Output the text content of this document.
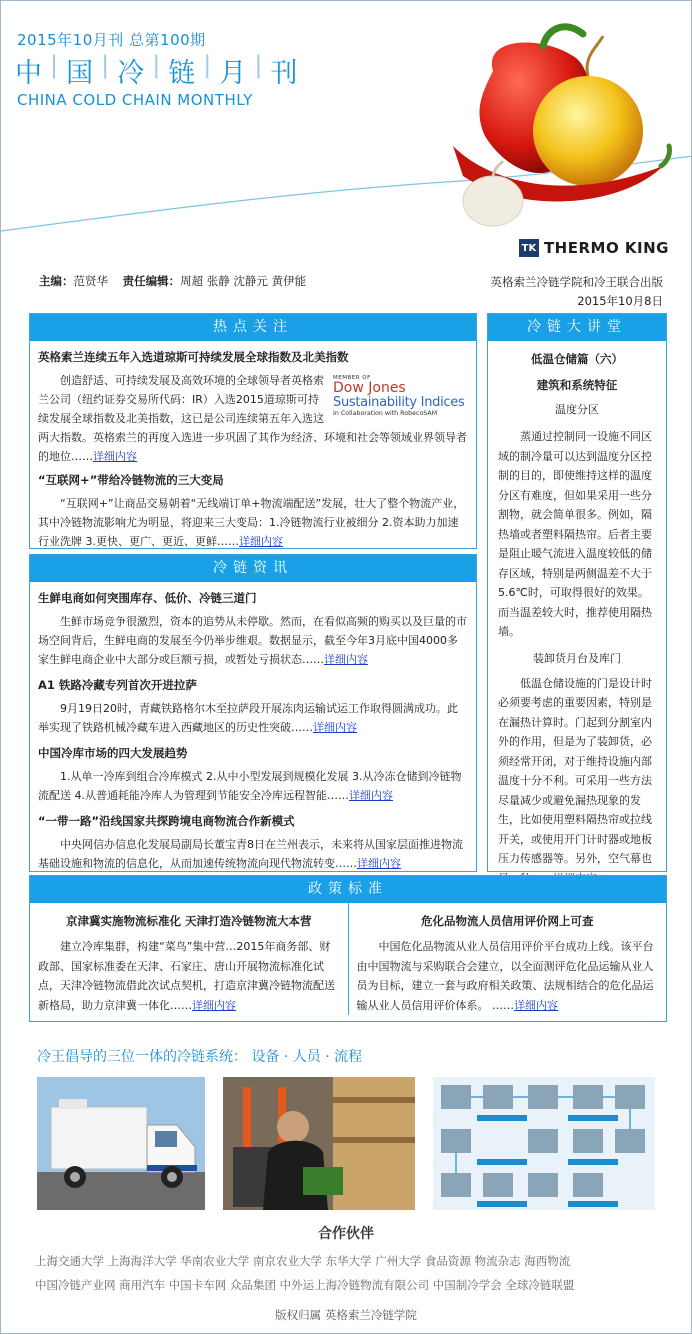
2015年10月刊 总第100期
中 | 国 | 冷 | 链 | 月 | 刊
CHINA COLD CHAIN MONTHLY
TK THERMO KING
主编：范贤华 责任编辑：周超 张静 沈静元 黄伊能	英格索兰冷链学院和冷王联合出版
2015年10月8日
热点关注
英格索兰连续五年入选道琼斯可持续发展全球指数及北美指数
MEMBER OF
Dow Jones
Sustainability Indices
In Collaboration with RobecoSAM

创造舒适、可持续发展及高效环境的全球领导者英格索兰公司（纽约证券交易所代码：IR）入选2015道琼斯可持续发展全球指数及北美指数，这已是公司连续第五年入选这两大指数。英格索兰的再度入选进一步巩固了其作为经济、环境和社会等领域业界领导者的地位……详细内容

“互联网+”带给冷链物流的三大变局

“互联网+”让商品交易朝着“无线端订单+物流端配送”发展，壮大了整个物流产业，其中冷链物流影响尤为明显，将迎来三大变局：1.冷链物流行业被细分 2.资本助力加速行业洗牌 3.更快、更广、更近、更鲜……详细内容

冷链资讯
生鲜电商如何突围库存、低价、冷链三道门

生鲜市场竞争很激烈，资本的追势从未停歇。然而，在看似高频的购买以及巨量的市场空间背后，生鲜电商的发展至今仍举步维艰。数据显示，截至今年3月底中国4000多家生鲜电商企业中大部分或巨额亏损，或暂处亏损状态……详细内容

A1 铁路冷藏专列首次开进拉萨

9月19日20时，青藏铁路格尔木至拉萨段开展冻肉运输试运工作取得圆满成功。此举实现了铁路机械冷藏车进入西藏地区的历史性突破……详细内容

中国冷库市场的四大发展趋势

1.从单一冷库到组合冷库模式 2.从中小型发展到规模化发展 3.从冷冻仓储到冷链物流配送 4.从普通耗能冷库人为管理到节能安全冷库远程智能……详细内容

“一带一路”沿线国家共探跨境电商物流合作新模式

中央网信办信息化发展局副局长董宝青8日在兰州表示，未来将从国家层面推进物流基础设施和物流的信息化，从而加速传统物流向现代物流转变……详细内容

冷链大讲堂
低温仓储篇（六）
建筑和系统特征
温度分区

蒸通过控制同一设施不同区域的制冷量可以达到温度分区控制的目的，即使维持这样的温度分区有难度，但如果采用一些分割物，就会简单很多。例如，隔热墙或者塑料隔热帘。后者主要是阻止暖气流进入温度较低的储存区域，特别是两侧温差不大于5.6℃时，可取得很好的效果。而当温差较大时，推荐使用隔热墙。

装卸货月台及库门

低温仓储设施的门是设计时必须要考虑的重要因素，特别是在漏热计算时。门起到分割室内外的作用，但是为了装卸货，必须经常开闭，对于维持设施内部温度十分不利。可采用一些方法尽量减少或避免漏热现象的发生，比如使用塑料隔热帘或拉线开关，或使用开门计时器或地板压力传感器等。另外，空气幕也

政策标准
京津冀实施物流标准化 天津打造冷链物流大本营

建立冷库集群，构建“菜鸟”集中营…2015年商务部、财政部、国家标准委在天津、石家庄、唐山开展物流标准化试点，天津冷链物流借此次试点契机，打造京津冀冷链物流配送新格局，助力京津冀一体化……详细内容

危化品物流人员信用评价网上可查

中国危化品物流从业人员信用评价平台成功上线。该平台由中国物流与采购联合会建立，以全面测评危化品运输从业人员为目标，建立一套与政府相关政策、法规相结合的危化品运输从业人员信用评价体系。 ……详细内容

冷王倡导的三位一体的冷链系统： 设备 · 人员 · 流程
合作伙伴
上海交通大学 上海海洋大学 华南农业大学 南京农业大学 东华大学 广州大学 食品资源 物流杂志 海西物流
中国冷链产业网 商用汽车 中国卡车网 众品集团 中外运上海冷链物流有限公司 中国制冷学会 全球冷链联盟
版权归属 英格索兰冷链学院
